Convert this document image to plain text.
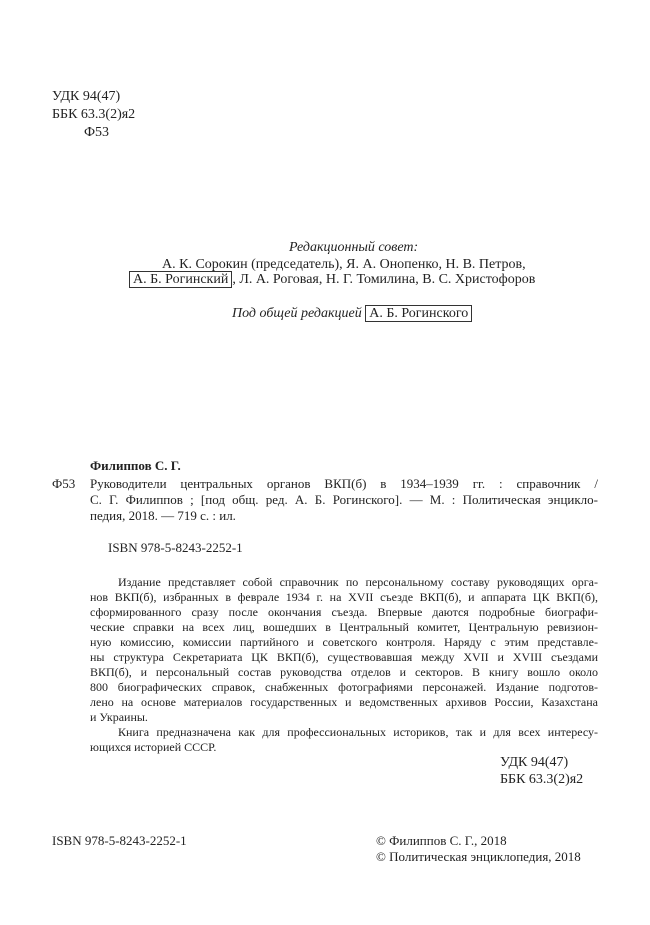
УДК 94(47)
ББК 63.3(2)я2
Ф53
Редакционный совет:
А. К. Сорокин (председатель), Я. А. Онопенко, Н. В. Петров,
А. Б. Рогинский , Л. А. Роговая, Н. Г. Томилина, В. С. Христофоров
Под общей редакцией А. Б. Рогинского
Филиппов С. Г.
Ф53 Руководители центральных органов ВКП(б) в 1934–1939 гг. : справочник /
С. Г. Филиппов ; [под общ. ред. А. Б. Рогинского]. — М. : Политическая энцикло-
педия, 2018. — 719 с. : ил.
ISBN 978-5-8243-2252-1
Издание представляет собой справочник по персональному составу руководящих орга-
нов ВКП(б), избранных в феврале 1934 г. на XVII съезде ВКП(б), и аппарата ЦК ВКП(б),
сформированного сразу после окончания съезда. Впервые даются подробные биографи-
ческие справки на всех лиц, вошедших в Центральный комитет, Центральную ревизион-
ную комиссию, комиссии партийного и советского контроля. Наряду с этим представле-
ны структура Секретариата ЦК ВКП(б), существовавшая между XVII и XVIII съездами
ВКП(б), и персональный состав руководства отделов и секторов. В книгу вошло около
800 биографических справок, снабженных фотографиями персонажей. Издание подготов-
лено на основе материалов государственных и ведомственных архивов России, Казахстана
и Украины.
Книга предназначена как для профессиональных историков, так и для всех интересу-
ющихся историей СССР.
УДК 94(47)
ББК 63.3(2)я2
ISBN 978-5-8243-2252-1	© Филиппов С. Г., 2018
© Политическая энциклопедия, 2018
